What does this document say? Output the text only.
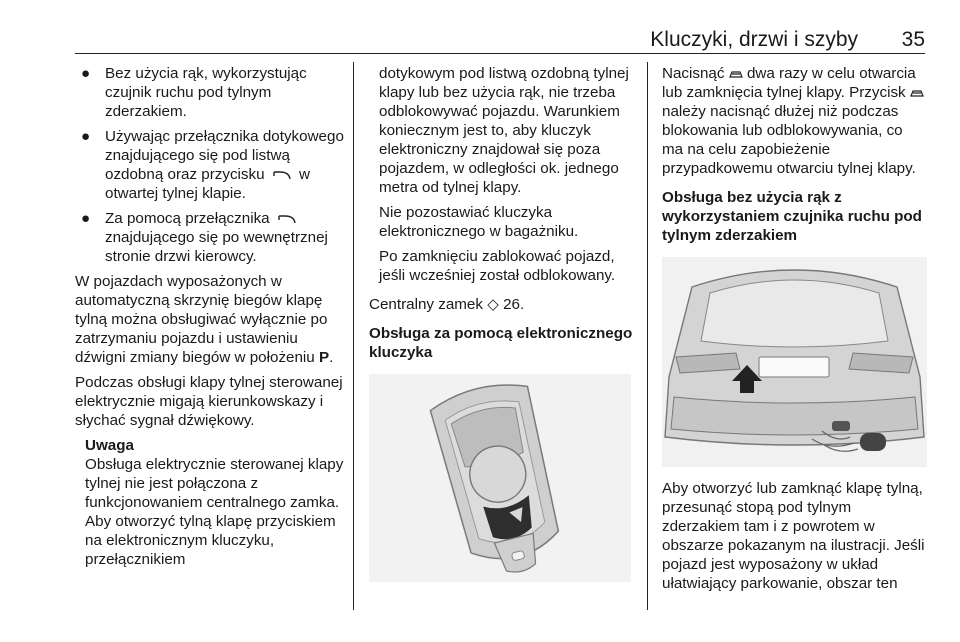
Kluczyki, drzwi i szyby	35
● Bez użycia rąk, wykorzystując czujnik ruchu pod tylnym zderzakiem.
● Używając przełącznika dotykowego znajdującego się pod listwą ozdobną oraz przycisku w otwartej tylnej klapie.
● Za pomocą przełącznika  znajdującego się po wewnętrznej stronie drzwi kierowcy.

W pojazdach wyposażonych w automatyczną skrzynię biegów klapę tylną można obsługiwać wyłącznie po zatrzymaniu pojazdu i ustawieniu dźwigni zmiany biegów w położeniu P.

Podczas obsługi klapy tylnej sterowanej elektrycznie migają kierunkowskazy i słychać sygnał dźwiękowy.

Uwaga
Obsługa elektrycznie sterowanej klapy tylnej nie jest połączona z funkcjonowaniem centralnego zamka. Aby otworzyć tylną klapę przyciskiem na elektronicznym kluczyku, przełącznikiem

dotykowym pod listwą ozdobną tylnej klapy lub bez użycia rąk, nie trzeba odblokowywać pojazdu. Warunkiem koniecznym jest to, aby kluczyk elektroniczny znajdował się poza pojazdem, w odległości ok. jednego metra od tylnej klapy.

Nie pozostawiać kluczyka elektronicznego w bagażniku.

Po zamknięciu zablokować pojazd, jeśli wcześniej został odblokowany.

Centralny zamek ◇ 26.

Obsługa za pomocą elektronicznego kluczyka

Nacisnąć dwa razy w celu otwarcia lub zamknięcia tylnej klapy. Przycisk  należy nacisnąć dłużej niż podczas blokowania lub odblokowywania, co ma na celu zapobieżenie przypadkowemu otwarciu tylnej klapy.

Obsługa bez użycia rąk z wykorzystaniem czujnika ruchu pod tylnym zderzakiem

Aby otworzyć lub zamknąć klapę tylną, przesunąć stopą pod tylnym zderzakiem tam i z powrotem w obszarze pokazanym na ilustracji. Jeśli pojazd jest wyposażony w układ ułatwiający parkowanie, obszar ten
